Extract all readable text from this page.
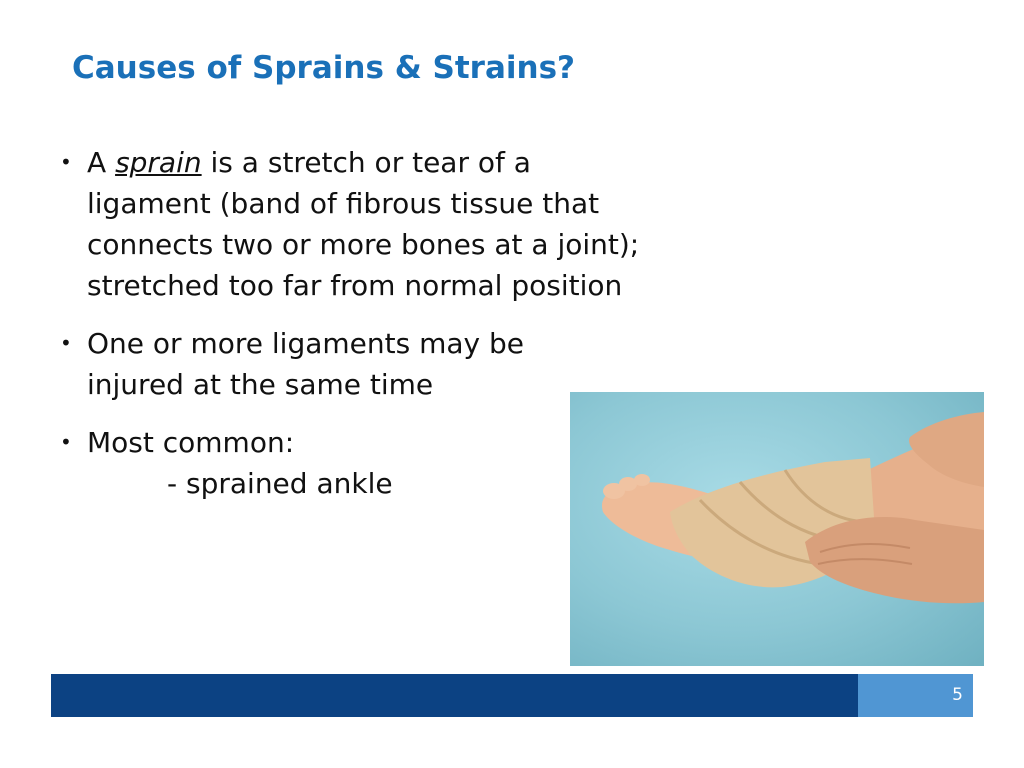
Causes of Sprains & Strains?
• A sprain is a stretch or tear of a ligament (band of fibrous tissue that connects two or more bones at a joint); stretched too far from normal position

• One or more ligaments may be injured at the same time

• Most common:

- sprained ankle

5
